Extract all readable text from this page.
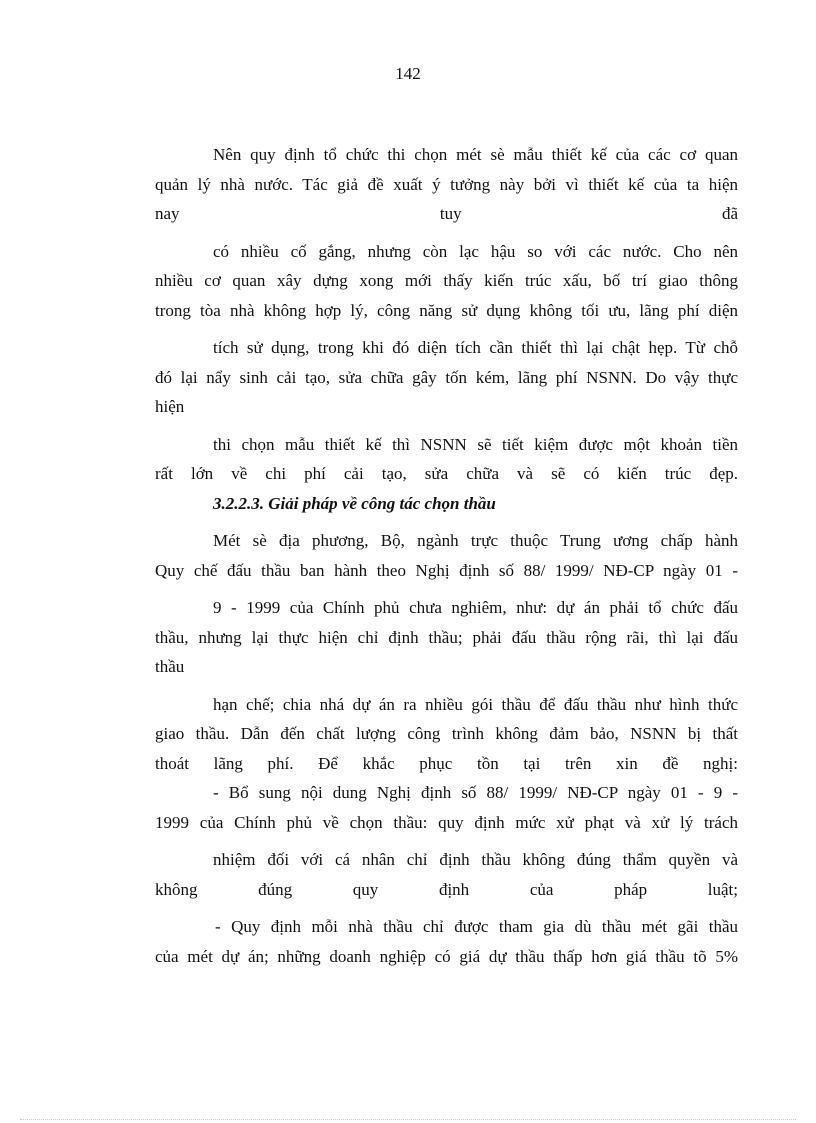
142
Nên quy định tổ chức thi chọn mét sè mẫu thiết kế của các cơ quan
quản lý nhà nước. Tác giả đề xuất ý tưởng này bởi vì thiết kế của ta hiện
nay tuy đã
có nhiều cố gắng, nhưng còn lạc hậu so với các nước. Cho nên
nhiều cơ quan xây dựng xong mới thấy kiến trúc xấu, bố trí giao thông
trong tòa nhà không hợp lý, công năng sử dụng không tối ưu, lãng phí diện
tích sử dụng, trong khi đó diện tích cần thiết thì lại chật hẹp. Từ chỗ
đó lại nẩy sinh cải tạo, sửa chữa gây tốn kém, lãng phí NSNN. Do vậy thực
hiện
thi chọn mẫu thiết kế thì NSNN sẽ tiết kiệm được một khoản tiền
rất lớn về chi phí cải tạo, sửa chữa và sẽ có kiến trúc đẹp.
3.2.2.3. Giải pháp về công tác chọn thầu
Mét sè địa phương, Bộ, ngành trực thuộc Trung ương chấp hành
Quy chế đấu thầu ban hành theo Nghị định số 88/ 1999/ NĐ-CP ngày 01 -
9 - 1999 của Chính phủ chưa nghiêm, như: dự án phải tổ chức đấu
thầu, nhưng lại thực hiện chỉ định thầu; phải đấu thầu rộng rãi, thì lại đấu
thầu
hạn chế; chia nhá dự án ra nhiều gói thầu để đấu thầu như hình thức
giao thầu. Dẫn đến chất lượng công trình không đảm bảo, NSNN bị thất
thoát lãng phí. Để khắc phục tồn tại trên xin đề nghị:
- Bổ sung nội dung Nghị định số 88/ 1999/ NĐ-CP ngày 01 - 9 -
1999 của Chính phủ về chọn thầu: quy định mức xử phạt và xử lý trách
nhiệm đối với cá nhân chỉ định thầu không đúng thẩm quyền và
không đúng quy định của pháp luật;
- Quy định mỗi nhà thầu chỉ được tham gia dù thầu mét gãi thầu
của mét dự án; những doanh nghiệp có giá dự thầu thấp hơn giá thầu tõ 5%
